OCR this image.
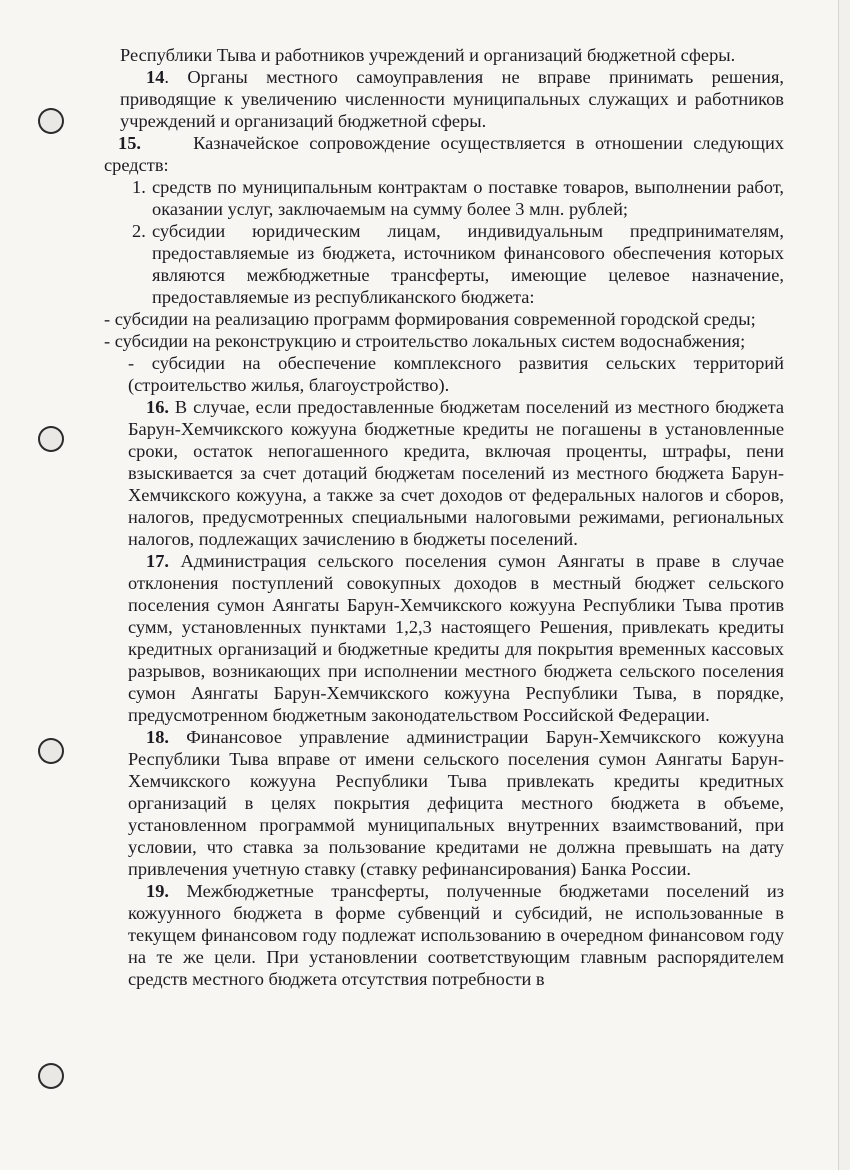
Республики Тыва и работников учреждений и организаций бюджетной сферы.

14. Органы местного самоуправления не вправе принимать решения, приводящие к увеличению численности муниципальных служащих и работников учреждений и организаций бюджетной сферы.

15.	Казначейское сопровождение осуществляется в отношении следующих средств:

1. средств по муниципальным контрактам о поставке товаров, выполнении работ, оказании услуг, заключаемым на сумму более 3 млн. рублей;

2. субсидии юридическим лицам, индивидуальным предпринимателям, предоставляемые из бюджета, источником финансового обеспечения которых являются межбюджетные трансферты, имеющие целевое назначение, предоставляемые из республиканского бюджета:

- субсидии на реализацию программ формирования современной городской среды;

- субсидии на реконструкцию и строительство локальных систем водоснабжения;

- субсидии на обеспечение комплексного развития сельских территорий (строительство жилья, благоустройство).

16. В случае, если предоставленные бюджетам поселений из местного бюджета Барун-Хемчикского кожууна бюджетные кредиты не погашены в установленные сроки, остаток непогашенного кредита, включая проценты, штрафы, пени взыскивается за счет дотаций бюджетам поселений из местного бюджета Барун-Хемчикского кожууна, а также за счет доходов от федеральных налогов и сборов, налогов, предусмотренных специальными налоговыми режимами, региональных налогов, подлежащих зачислению в бюджеты поселений.

17. Администрация сельского поселения сумон Аянгаты в праве в случае отклонения поступлений совокупных доходов в местный бюджет сельского поселения сумон Аянгаты Барун-Хемчикского кожууна Республики Тыва против сумм, установленных пунктами 1,2,3 настоящего Решения, привлекать кредиты кредитных организаций и бюджетные кредиты для покрытия временных кассовых разрывов, возникающих при исполнении местного бюджета сельского поселения сумон Аянгаты Барун-Хемчикского кожууна Республики Тыва, в порядке, предусмотренном бюджетным законодательством Российской Федерации.

18. Финансовое управление администрации Барун-Хемчикского кожууна Республики Тыва вправе от имени сельского поселения сумон Аянгаты Барун-Хемчикского кожууна Республики Тыва привлекать кредиты кредитных организаций в целях покрытия дефицита местного бюджета в объеме, установленном программой муниципальных внутренних взаимствований, при условии, что ставка за пользование кредитами не должна превышать на дату привлечения учетную ставку (ставку рефинансирования) Банка России.

19. Межбюджетные трансферты, полученные бюджетами поселений из кожуунного бюджета в форме субвенций и субсидий, не использованные в текущем финансовом году подлежат использованию в очередном финансовом году на те же цели. При установлении соответствующим главным распорядителем средств местного бюджета отсутствия потребности в
